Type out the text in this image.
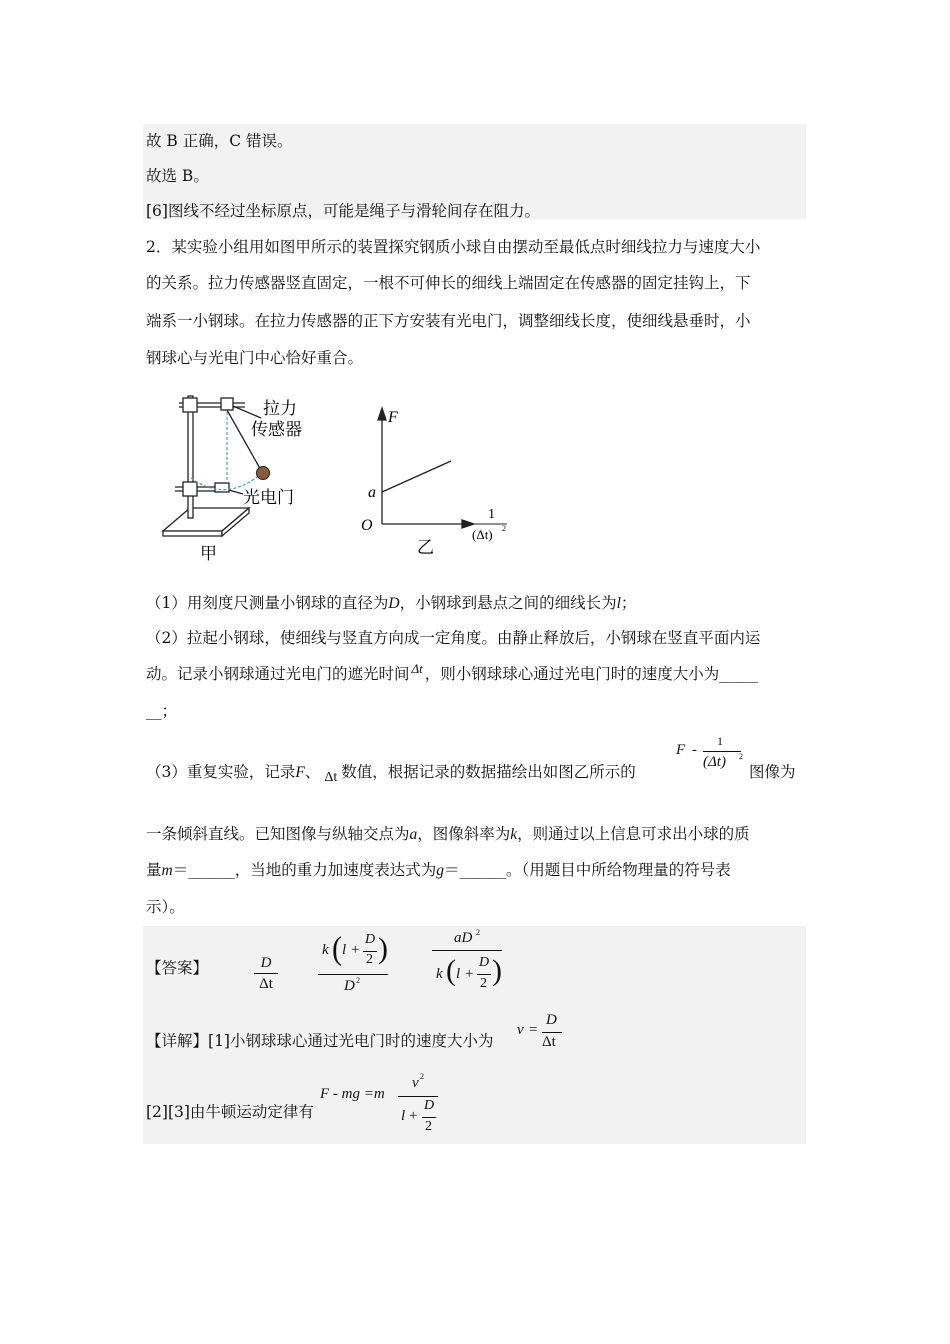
故 B 正确，C 错误。
故选 B。
[6]图线不经过坐标原点，可能是绳子与滑轮间存在阻力。
2．某实验小组用如图甲所示的装置探究钢质小球自由摆动至最低点时细线拉力与速度大小
的关系。拉力传感器竖直固定，一根不可伸长的细线上端固定在传感器的固定挂钩上，下
端系一小钢球。在拉力传感器的正下方安装有光电门，调整细线长度，使细线悬垂时，小
钢球心与光电门中心恰好重合。
拉力
传感器
光电门
甲
F
a
O
1
(Δt) 2
乙
（1）用刻度尺测量小钢球的直径为D，小钢球到悬点之间的细线长为l；
（2）拉起小钢球，使细线与竖直方向成一定角度。由静止释放后，小钢球在竖直平面内运
动。记录小钢球通过光电门的遮光时间 $^{\Delta t}$ ，则小钢球球心通过光电门时的速度大小为_____
__；
（3）重复实验，记录F、 Δt 数值，根据记录的数据描绘出如图乙所示的
F -
1
(Δt) 2
图像为
一条倾斜直线。已知图像与纵轴交点为a，图像斜率为k，则通过以上信息可求出小球的质
量m＝______，当地的重力加速度表达式为g＝______。（用题目中所给物理量的符号表
示）。
【答案】	D
Δt
k ( l +
D
2 )
D 2
aD 2
k ( l +
D
2 )
【详解】[1]小钢球球心通过光电门时的速度大小为
v =
D
Δt
[2][3]由牛顿运动定律有
F - mg =m
v 2
l +
D
2
